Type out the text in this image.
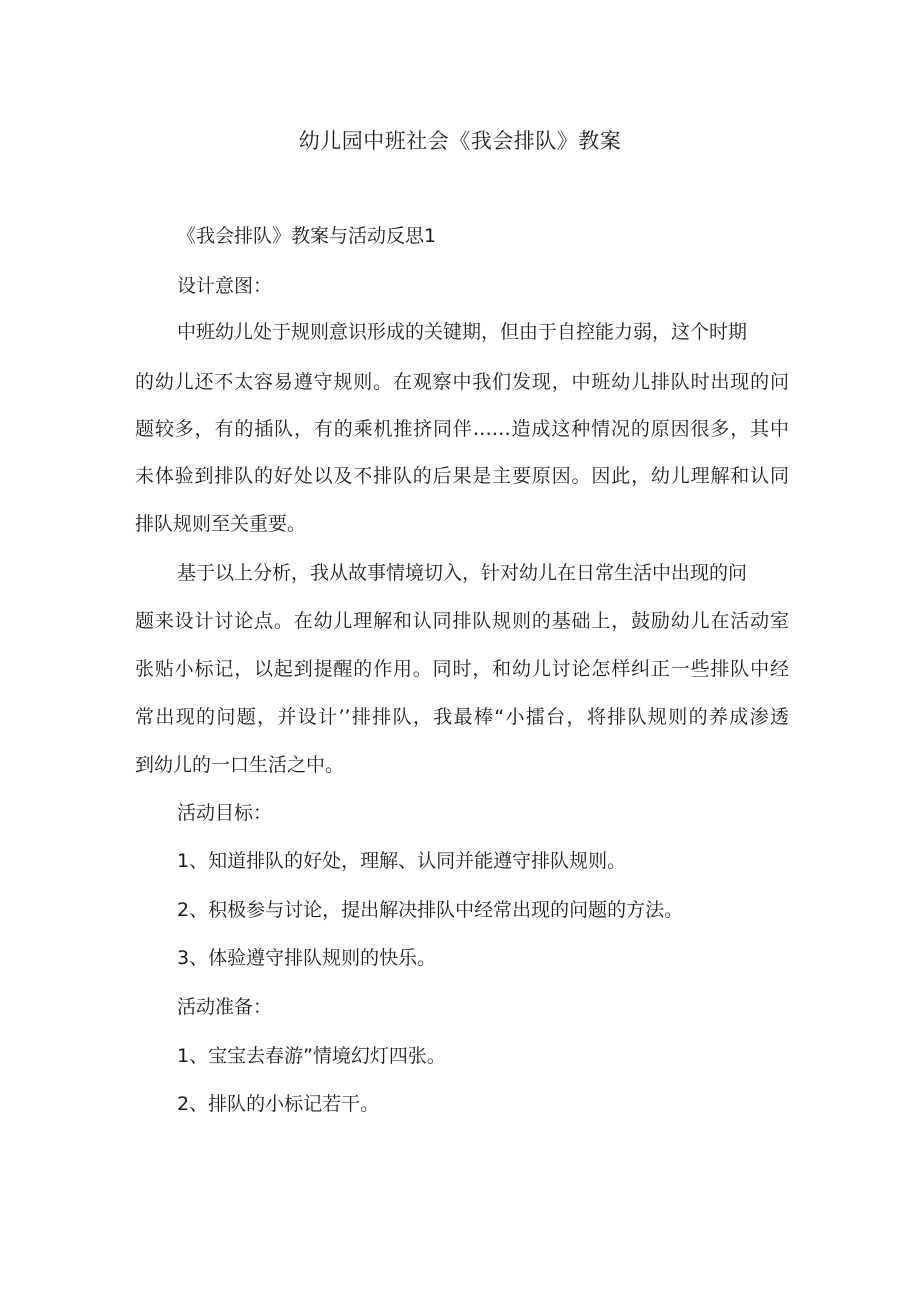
幼儿园中班社会《我会排队》教案
《我会排队》教案与活动反思1
设计意图：
中班幼儿处于规则意识形成的关键期，但由于自控能力弱，这个时期
的幼儿还不太容易遵守规则。在观察中我们发现，中班幼儿排队时出现的问
题较多，有的插队，有的乘机推挤同伴……造成这种情况的原因很多，其中
未体验到排队的好处以及不排队的后果是主要原因。因此，幼儿理解和认同
排队规则至关重要。
基于以上分析，我从故事情境切入，针对幼儿在日常生活中出现的问
题来设计讨论点。在幼儿理解和认同排队规则的基础上，鼓励幼儿在活动室
张贴小标记，以起到提醒的作用。同时，和幼儿讨论怎样纠正一些排队中经
常出现的问题，并设计’’排排队，我最棒“小擂台，将排队规则的养成渗透
到幼儿的一口生活之中。
活动目标：
1、知道排队的好处，理解、认同并能遵守排队规则。
2、积极参与讨论，提出解决排队中经常出现的问题的方法。
3、体验遵守排队规则的快乐。
活动准备：
1、宝宝去春游”情境幻灯四张。
2、排队的小标记若干。
